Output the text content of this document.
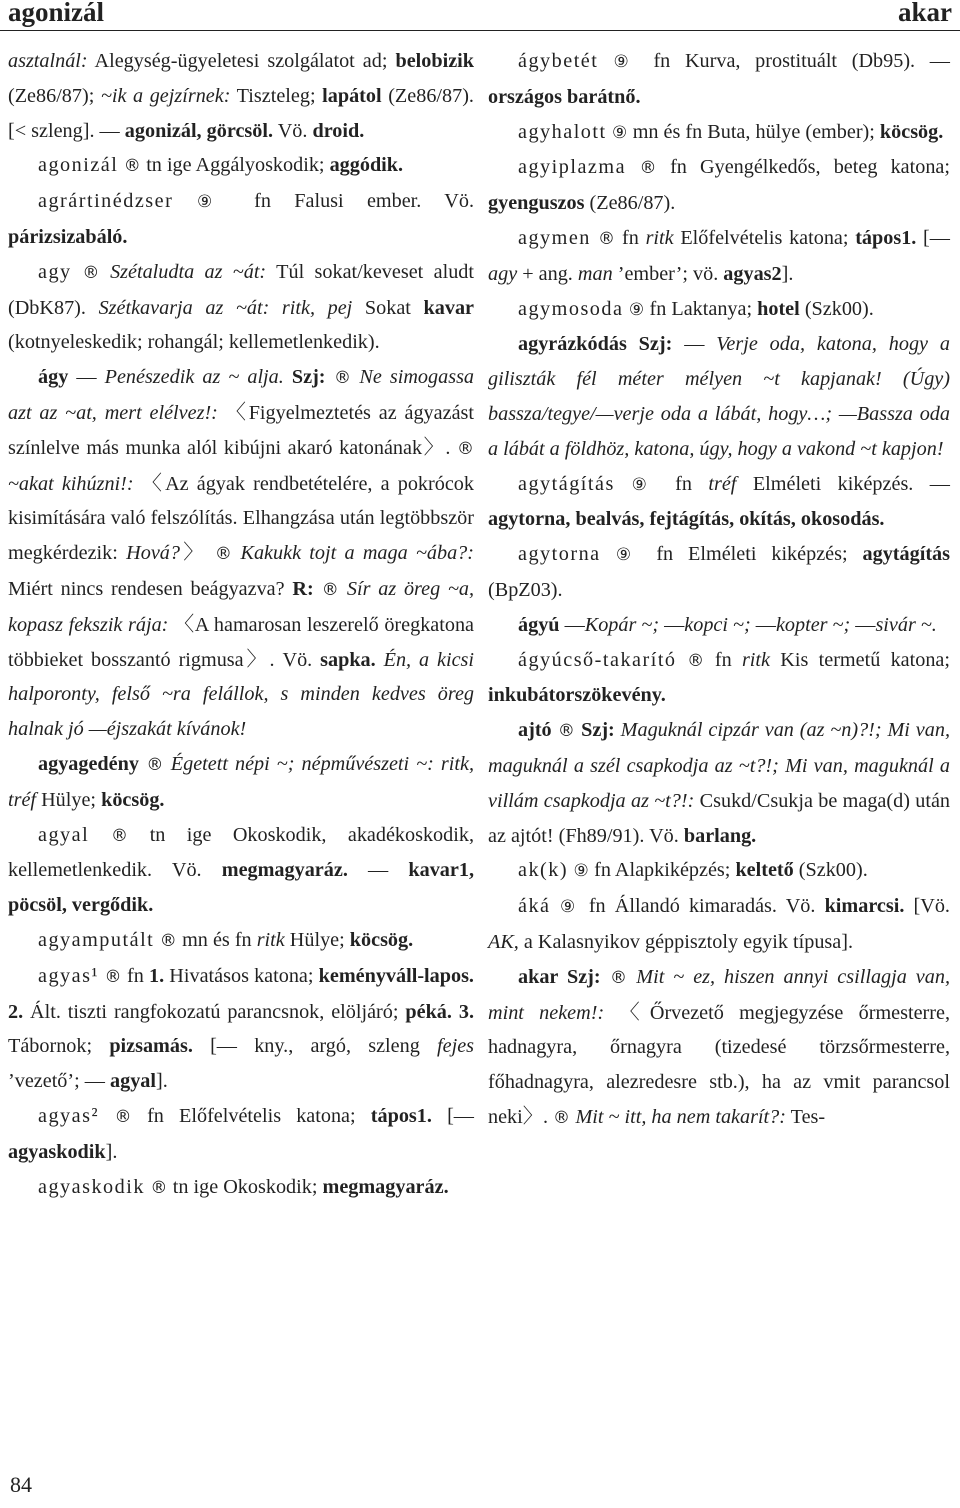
agonizál	akar

asztalnál: Alegység-ügyeletesi szolgálatot ad; belobizik (Ze86/87); ~ik a gejzírnek: Tiszteleg; lapátol (Ze86/87). [< szleng]. — agonizál, görcsöl. Vö. droid.

agonizál ® tn ige Aggályoskodik; aggódik.

agrártinédzser ⑨ fn Falusi ember. Vö. párizsizabáló.

agy ® Szétaludta az ~át: Túl sokat/keveset aludt (DbK87). Szétkavarja az ~át: ritk, pej Sokat kavar (kotnyeleskedik; rohangál; kellemetlenkedik).

ágy — Penészedik az ~ alja. Szj: ® Ne simogassa azt az ~at, mert elélvez!: 〈Figyelmeztetés az ágyazást színlelve más munka alól kibújni akaró katonának〉. ® ~akat kihúzni!: 〈Az ágyak rendbetételére, a pokrócok kisimítására való felszólítás. Elhangzása után legtöbbször megkérdezik: Hová?〉 ® Kakukk tojt a maga ~ába?: Miért nincs rendesen beágyazva? R: ® Sír az öreg ~a, kopasz fekszik rája: 〈A hamarosan leszerelő öregkatona többieket bosszantó rigmusa〉. Vö. sapka. Én, a kicsi halporonty, felső ~ra felállok, s minden kedves öreg halnak jó —éjszakát kívánok!

agyagedény ® Égetett népi ~; népművészeti ~: ritk, tréf Hülye; köcsög.

agyal ® tn ige Okoskodik, akadékoskodik, kellemetlenkedik. Vö. megmagyaráz. — kavar1, pöcsöl, vergődik.

agyamputált ® mn és fn ritk Hülye; köcsög.

agyas¹ ® fn 1. Hivatásos katona; keményváll-lapos. 2. Ált. tiszti rangfokozatú parancsnok, elöljáró; péká. 3. Tábornok; pizsamás. [— kny., argó, szleng fejes ’vezető’; — agyal].

agyas² ® fn Előfelvételis katona; tápos1. [— agyaskodik].

agyaskodik ® tn ige Okoskodik; megmagyaráz.

ágybetét ⑨ fn Kurva, prostituált (Db95). — országos barátnő.

agyhalott ⑨ mn és fn Buta, hülye (ember); köcsög.

agyiplazma ® fn Gyengélkedős, beteg katona; gyenguszos (Ze86/87).

agymen ® fn ritk Előfelvételis katona; tápos1. [— agy + ang. man ’ember’; vö. agyas2].

agymosoda ⑨ fn Laktanya; hotel (Szk00).

agyrázkódás Szj: — Verje oda, katona, hogy a giliszták fél méter mélyen ~t kapjanak! (Úgy) bassza/tegye/—verje oda a lábát, hogy…; —Bassza oda a lábát a földhöz, katona, úgy, hogy a vakond ~t kapjon!

agytágítás ⑨ fn tréf Elméleti kiképzés. — agytorna, bealvás, fejtágítás, okítás, okosodás.

agytorna ⑨ fn Elméleti kiképzés; agytágítás (BpZ03).

ágyú —Kopár ~; —kopci ~; —kopter ~; —sivár ~.

ágyúcső-takarító ® fn ritk Kis termetű katona; inkubátorszökevény.

ajtó ® Szj: Maguknál cipzár van (az ~n)?!; Mi van, maguknál a szél csapkodja az ~t?!; Mi van, maguknál a villám csapkodja az ~t?!: Csukd/Csukja be maga(d) után az ajtót! (Fh89/91). Vö. barlang.

ak(k) ⑨ fn Alapkiképzés; keltető (Szk00).

áká ⑨ fn Állandó kimaradás. Vö. kimarcsi. [Vö. AK, a Kalasnyikov géppisztoly egyik típusa].

akar Szj: ® Mit ~ ez, hiszen annyi csillagja van, mint nekem!: 〈Őrvezető megjegyzése őrmesterre, hadnagyra, őrnagyra (tizedesé törzsőrmesterre, főhadnagyra, alezredesre stb.), ha az vmit parancsol neki〉. ® Mit ~ itt, ha nem takarít?: Tes-

84
